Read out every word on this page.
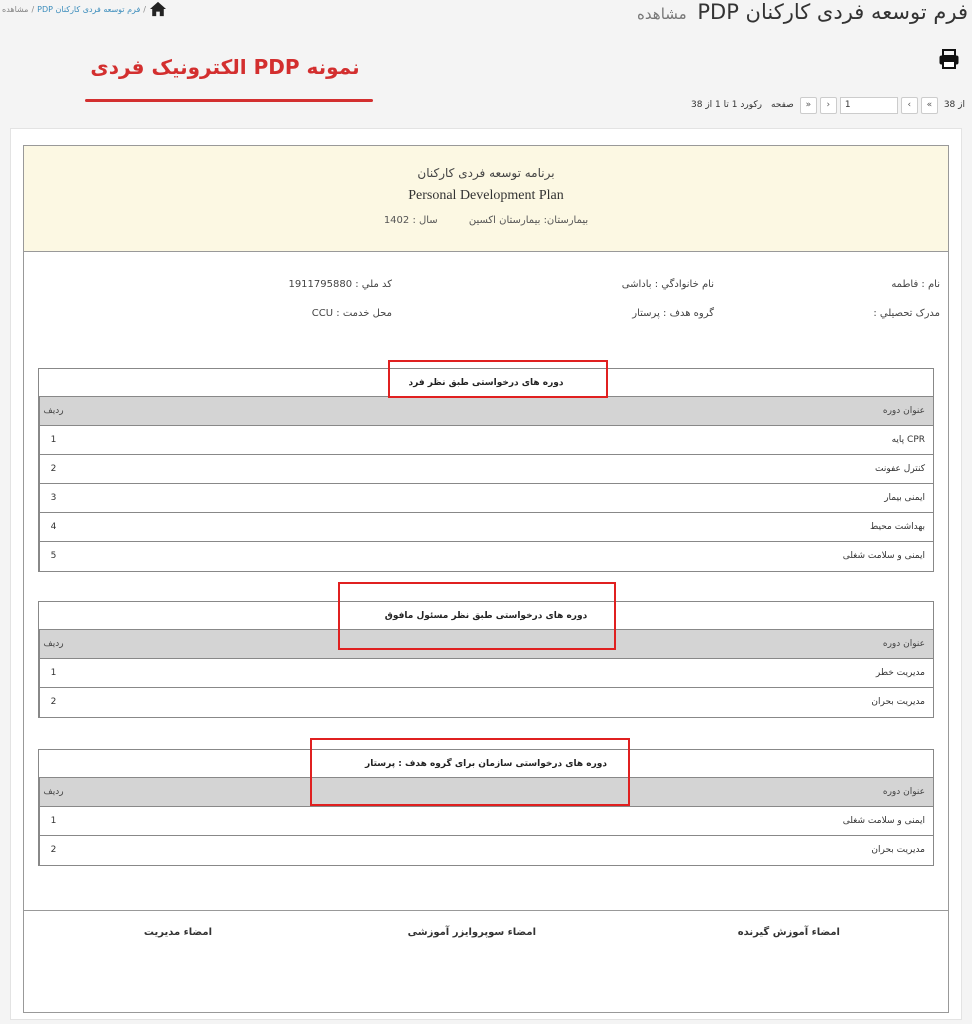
فرم توسعه فردی کارکنان PDP مشاهده
/
فرم توسعه فردی کارکنان PDP
/
مشاهده
نمونه PDP الکترونیک فردی
از 38
»
›
1
‹
«
صفحه
رکورد 1 تا 1 از 38
برنامه توسعه فردی کارکنان
Personal Development Plan
بیمارستان: بیمارستان اکسین سال : 1402
نام : فاطمه
نام خانوادگي : باداشی
کد ملي : 1911795880
مدرک تحصيلي :
گروه هدف : پرستار
محل خدمت : CCU
دوره های درخواستی طبق نظر فرد
رديف	عنوان دوره
1	CPR پایه
2	کنترل عفونت
3	ایمنی بیمار
4	بهداشت محیط
5	ایمنی و سلامت شغلی
دوره های درخواستی طبق نظر مسئول مافوق
رديف	عنوان دوره
1	مدیریت خطر
2	مدیریت بحران
دوره های درخواستی سازمان برای گروه هدف : پرستار
رديف	عنوان دوره
1	ایمنی و سلامت شغلی
2	مدیریت بحران
امضاء آموزش گیرنده
امضاء سوپروایزر آموزشی
امضاء مدیریت
